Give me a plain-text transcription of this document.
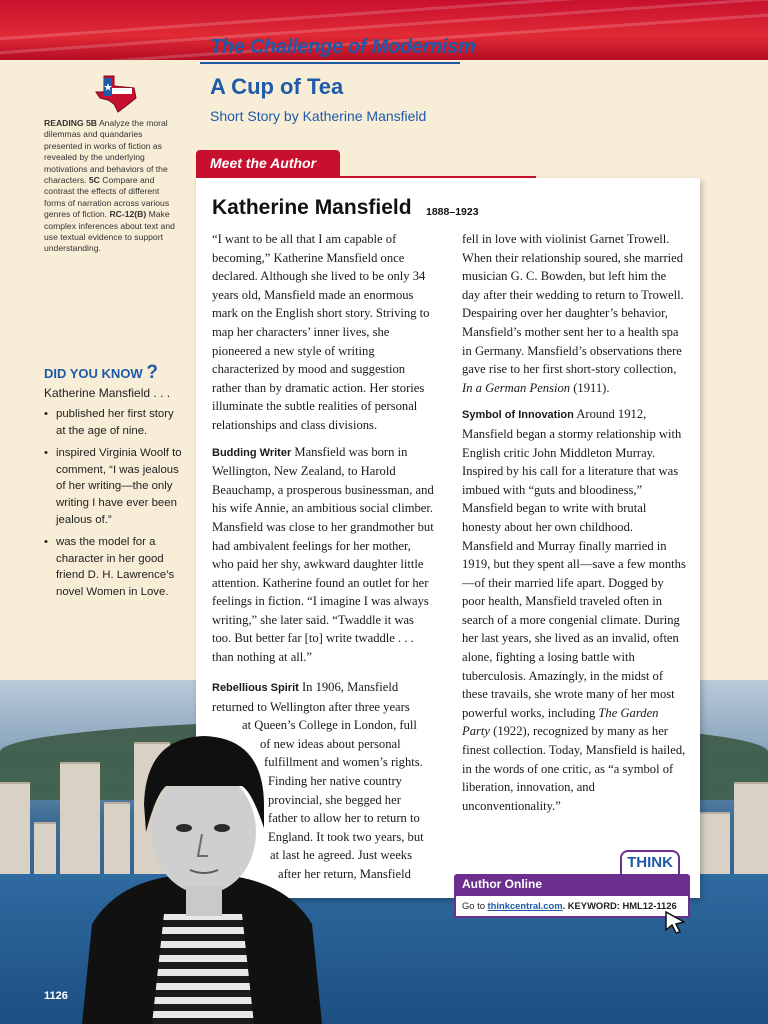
The Challenge of Modernism
A Cup of Tea
Short Story by Katherine Mansfield
READING 5B Analyze the moral dilemmas and quandaries presented in works of fiction as revealed by the underlying motivations and behaviors of the characters. 5C Compare and contrast the effects of different forms of narration across various genres of fiction. RC-12(B) Make complex inferences about text and use textual evidence to support understanding.
DID YOU KNOW ?
Katherine Mansfield . . .
• published her first story at the age of nine.
• inspired Virginia Woolf to comment, “I was jealous of her writing—the only writing I have ever been jealous of.”
• was the model for a character in her good friend D. H. Lawrence’s novel Women in Love.
Meet the Author
Katherine Mansfield 1888–1923

“I want to be all that I am capable of becoming,” Katherine Mansfield once declared. Although she lived to be only 34 years old, Mansfield made an enormous mark on the English short story. Striving to map her characters’ inner lives, she pioneered a new style of writing characterized by mood and suggestion rather than by dramatic action. Her stories illuminate the subtle realities of personal relationships and class divisions.

Budding Writer Mansfield was born in Wellington, New Zealand, to Harold Beauchamp, a prosperous businessman, and his wife Annie, an ambitious social climber. Mansfield was close to her grandmother but had ambivalent feelings for her mother, who paid her shy, awkward daughter little attention. Katherine found an outlet for her feelings in fiction. “I imagine I was always writing,” she later said. “Twaddle it was too. But better far [to] write twaddle . . . than nothing at all.”

Rebellious Spirit In 1906, Mansfield
returned to Wellington after three years
at Queen’s College in London, full
of new ideas about personal
fulfillment and women’s rights.
Finding her native country
provincial, she begged her
father to allow her to return to
England. It took two years, but
at last he agreed. Just weeks
after her return, Mansfield

fell in love with violinist Garnet Trowell. When their relationship soured, she married musician G. C. Bowden, but left him the day after their wedding to return to Trowell. Despairing over her daughter’s behavior, Mansfield’s mother sent her to a health spa in Germany. Mansfield’s observations there gave rise to her first short-story collection, In a German Pension (1911).

Symbol of Innovation Around 1912, Mansfield began a stormy relationship with English critic John Middleton Murray. Inspired by his call for a literature that was imbued with “guts and bloodiness,” Mansfield began to write with brutal honesty about her own childhood. Mansfield and Murray finally married in 1919, but they spent all—save a few months—of their married life apart. Dogged by poor health, Mansfield traveled often in search of a more congenial climate. During her last years, she lived as an invalid, often alone, fighting a losing battle with tuberculosis. Amazingly, in the midst of these travails, she wrote many of her most powerful works, including The Garden Party (1922), recognized by many as her finest collection. Today, Mansfield is hailed, in the words of one critic, as “a symbol of liberation, innovation, and unconventionality.”

THINK
Author Online
Go to thinkcentral.com. KEYWORD: HML12-1126
1126
